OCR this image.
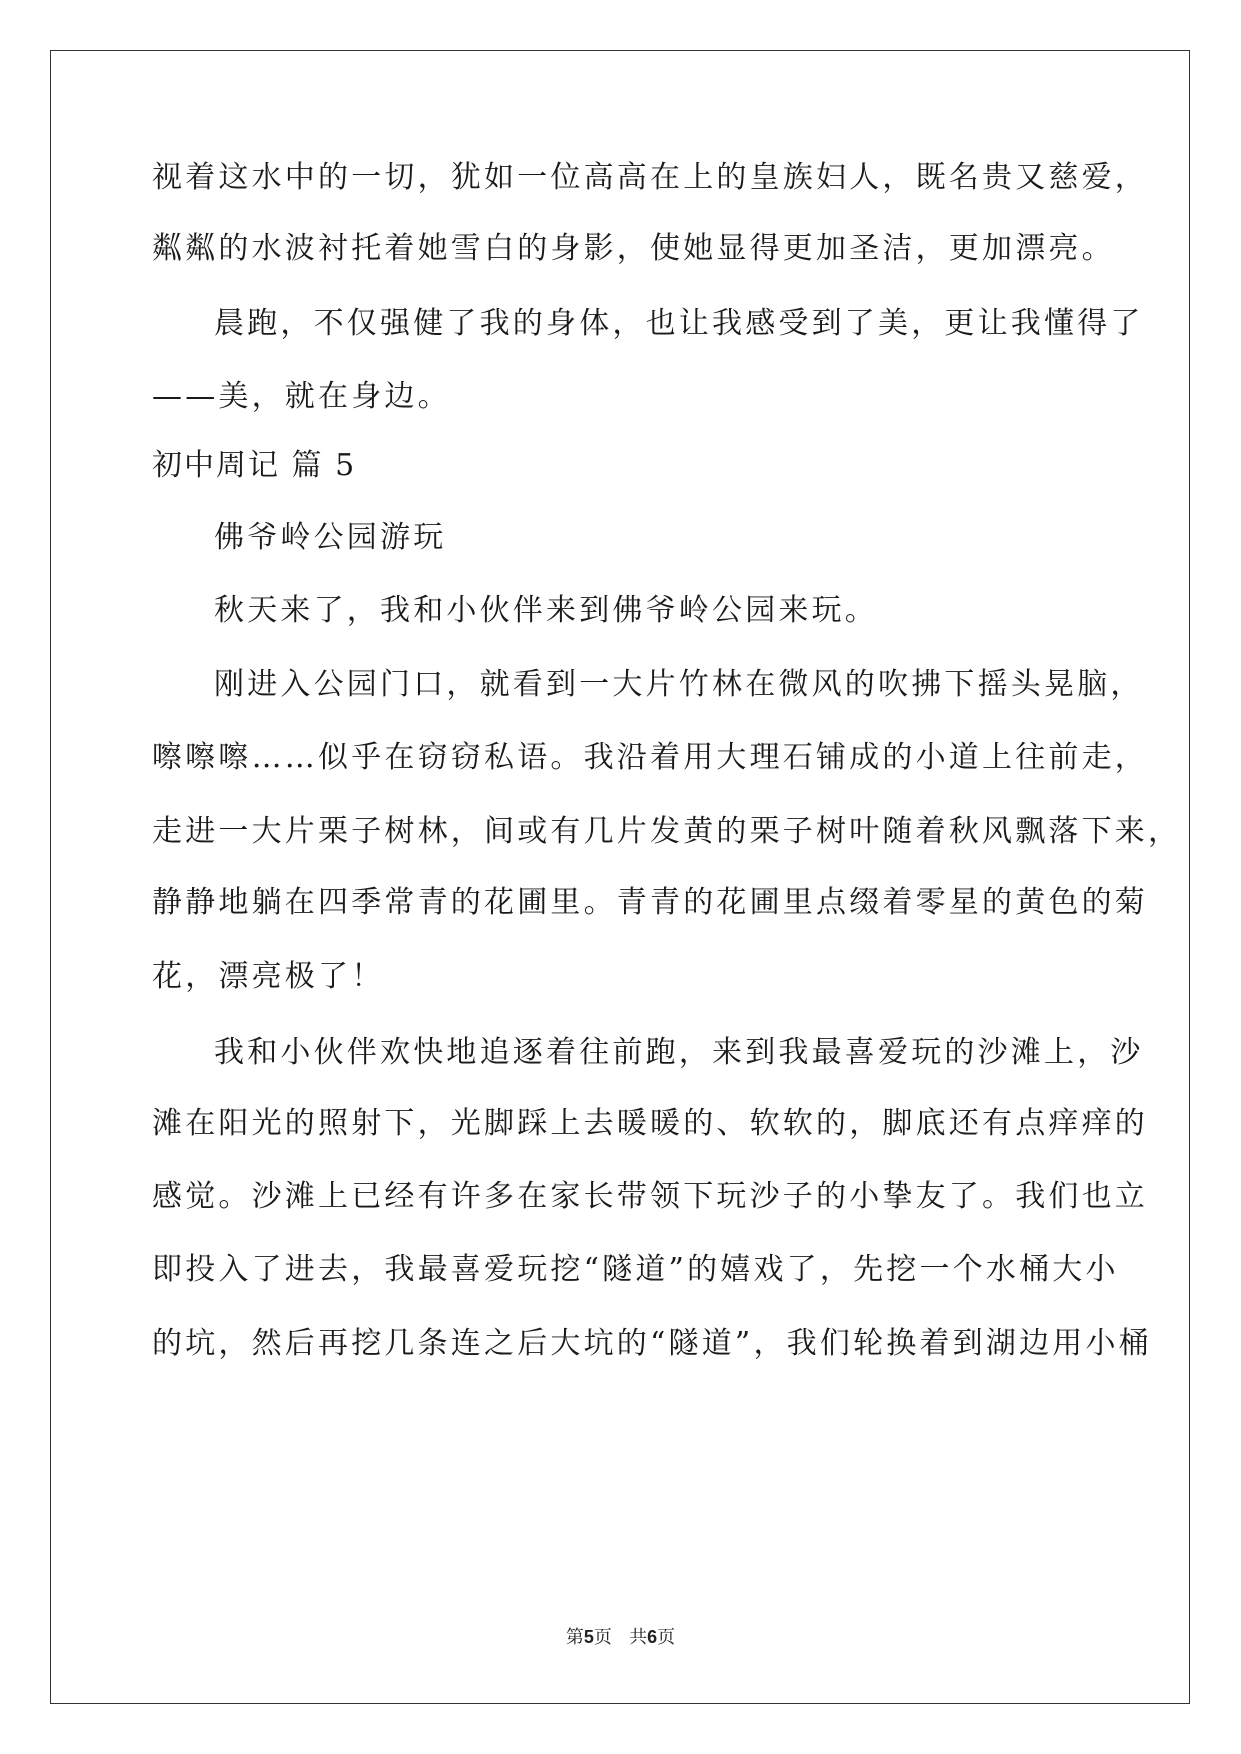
视着这水中的一切，犹如一位高高在上的皇族妇人，既名贵又慈爱，
粼粼的水波衬托着她雪白的身影，使她显得更加圣洁，更加漂亮。
晨跑，不仅强健了我的身体，也让我感受到了美，更让我懂得了
——美，就在身边。
初中周记 篇 5
佛爷岭公园游玩
秋天来了，我和小伙伴来到佛爷岭公园来玩。
刚进入公园门口，就看到一大片竹林在微风的吹拂下摇头晃脑，
嚓嚓嚓……似乎在窃窃私语。我沿着用大理石铺成的小道上往前走，
走进一大片栗子树林，间或有几片发黄的栗子树叶随着秋风飘落下来，
静静地躺在四季常青的花圃里。青青的花圃里点缀着零星的黄色的菊
花，漂亮极了！
我和小伙伴欢快地追逐着往前跑，来到我最喜爱玩的沙滩上，沙
滩在阳光的照射下，光脚踩上去暖暖的、软软的，脚底还有点痒痒的
感觉。沙滩上已经有许多在家长带领下玩沙子的小挚友了。我们也立
即投入了进去，我最喜爱玩挖“隧道”的嬉戏了，先挖一个水桶大小
的坑，然后再挖几条连之后大坑的“隧道”，我们轮换着到湖边用小桶
第5页 共6页
